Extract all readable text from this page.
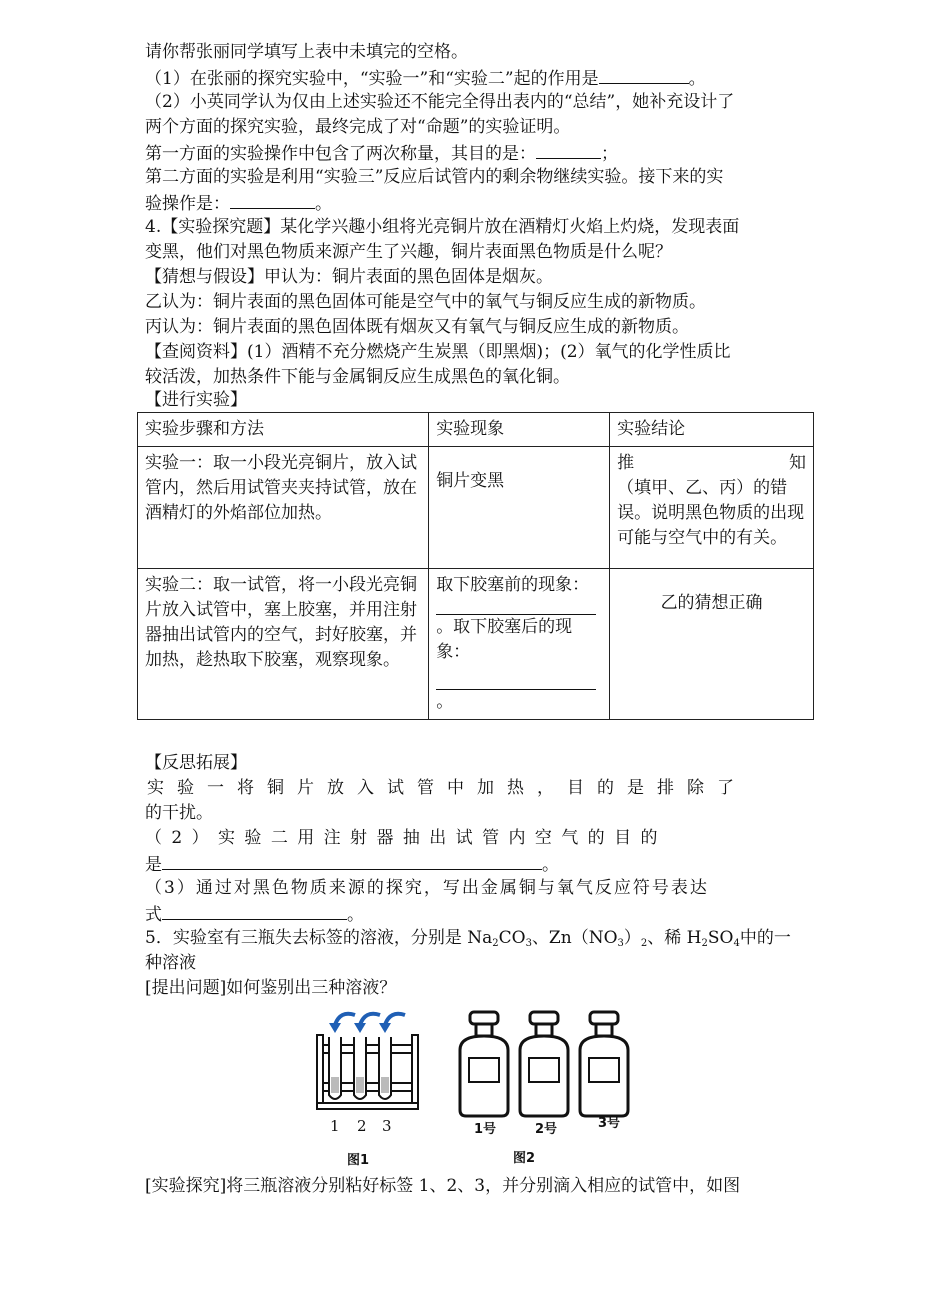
请你帮张丽同学填写上表中未填完的空格。
（1）在张丽的探究实验中，“实验一”和“实验二”起的作用是	。
（2）小英同学认为仅由上述实验还不能完全得出表内的“总结”，她补充设计了
两个方面的探究实验，最终完成了对“命题”的实验证明。
第一方面的实验操作中包含了两次称量，其目的是：	；
第二方面的实验是利用“实验三”反应后试管内的剩余物继续实验。接下来的实
验操作是：	。
4.【实验探究题】某化学兴趣小组将光亮铜片放在酒精灯火焰上灼烧，发现表面
变黑，他们对黑色物质来源产生了兴趣，铜片表面黑色物质是什么呢？
【猜想与假设】甲认为：铜片表面的黑色固体是烟灰。
乙认为：铜片表面的黑色固体可能是空气中的氧气与铜反应生成的新物质。
丙认为：铜片表面的黑色固体既有烟灰又有氧气与铜反应生成的新物质。
【查阅资料】(1）酒精不充分燃烧产生炭黑（即黑烟)；(2）氧气的化学性质比
较活泼，加热条件下能与金属铜反应生成黑色的氧化铜。
【进行实验】
实验步骤和方法	实验现象	实验结论
实验一：取一小段光亮铜片，放入试管内，然后用试管夹夹持试管，放在酒精灯的外焰部位加热。	铜片变黑	推 知
（填甲、乙、丙）的错误。说明黑色物质的出现可能与空气中的有关。

实验二：取一试管，将一小段光亮铜片放入试管中，塞上胶塞，并用注射器抽出试管内的空气，封好胶塞，并加热，趁热取下胶塞，观察现象。	取下胶塞前的现象：
。取下胶塞后的现象：
。	乙的猜想正确
【反思拓展】
实验一将铜片放入试管中加热，目的是排除了
的干扰。
（ 2 ） 实 验 二 用 注 射 器 抽 出 试 管 内 空 气 的 目 的
是	。
（3）通过对黑色物质来源的探究，写出金属铜与氧气反应符号表达
式	。
5．实验室有三瓶失去标签的溶液，分别是 $Na_2CO_3$、$Zn(NO_3)_2$、稀 $H_2SO_4$中的一
种溶液
[提出问题]如何鉴别出三种溶液？
1 2 3
图1
1号	2号	3号
图2
[实验探究]将三瓶溶液分别粘好标签 1、2、3，并分别滴入相应的试管中，如图
